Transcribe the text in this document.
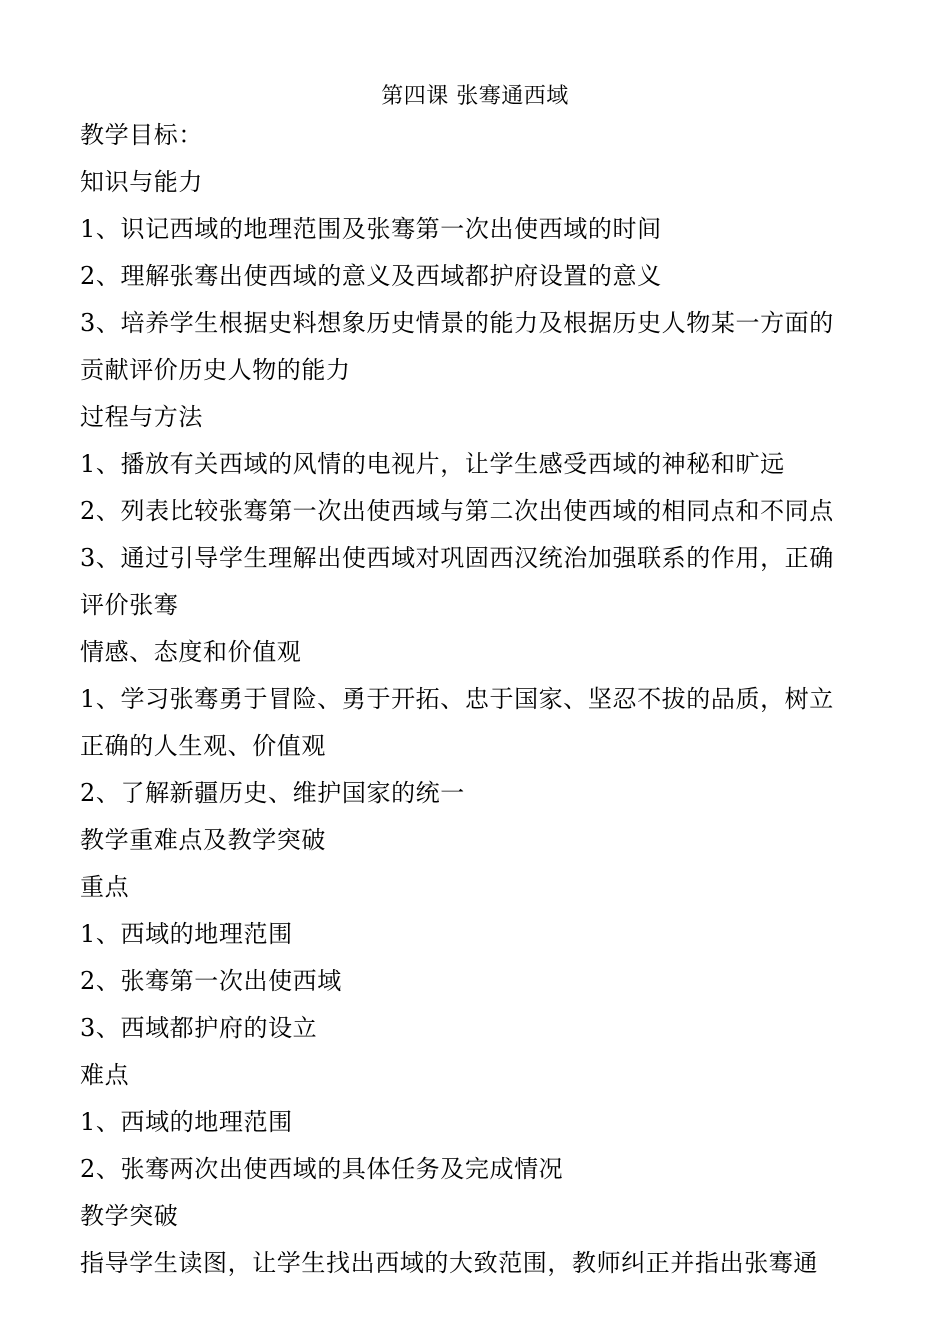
第四课 张骞通西域
教学目标：
知识与能力
1、识记西域的地理范围及张骞第一次出使西域的时间
2、理解张骞出使西域的意义及西域都护府设置的意义
3、培养学生根据史料想象历史情景的能力及根据历史人物某一方面的
贡献评价历史人物的能力
过程与方法
1、播放有关西域的风情的电视片，让学生感受西域的神秘和旷远
2、列表比较张骞第一次出使西域与第二次出使西域的相同点和不同点
3、通过引导学生理解出使西域对巩固西汉统治加强联系的作用，正确
评价张骞
情感、态度和价值观
1、学习张骞勇于冒险、勇于开拓、忠于国家、坚忍不拔的品质，树立
正确的人生观、价值观
2、了解新疆历史、维护国家的统一
教学重难点及教学突破
重点
1、西域的地理范围
2、张骞第一次出使西域
3、西域都护府的设立
难点
1、西域的地理范围
2、张骞两次出使西域的具体任务及完成情况
教学突破
指导学生读图，让学生找出西域的大致范围，教师纠正并指出张骞通
